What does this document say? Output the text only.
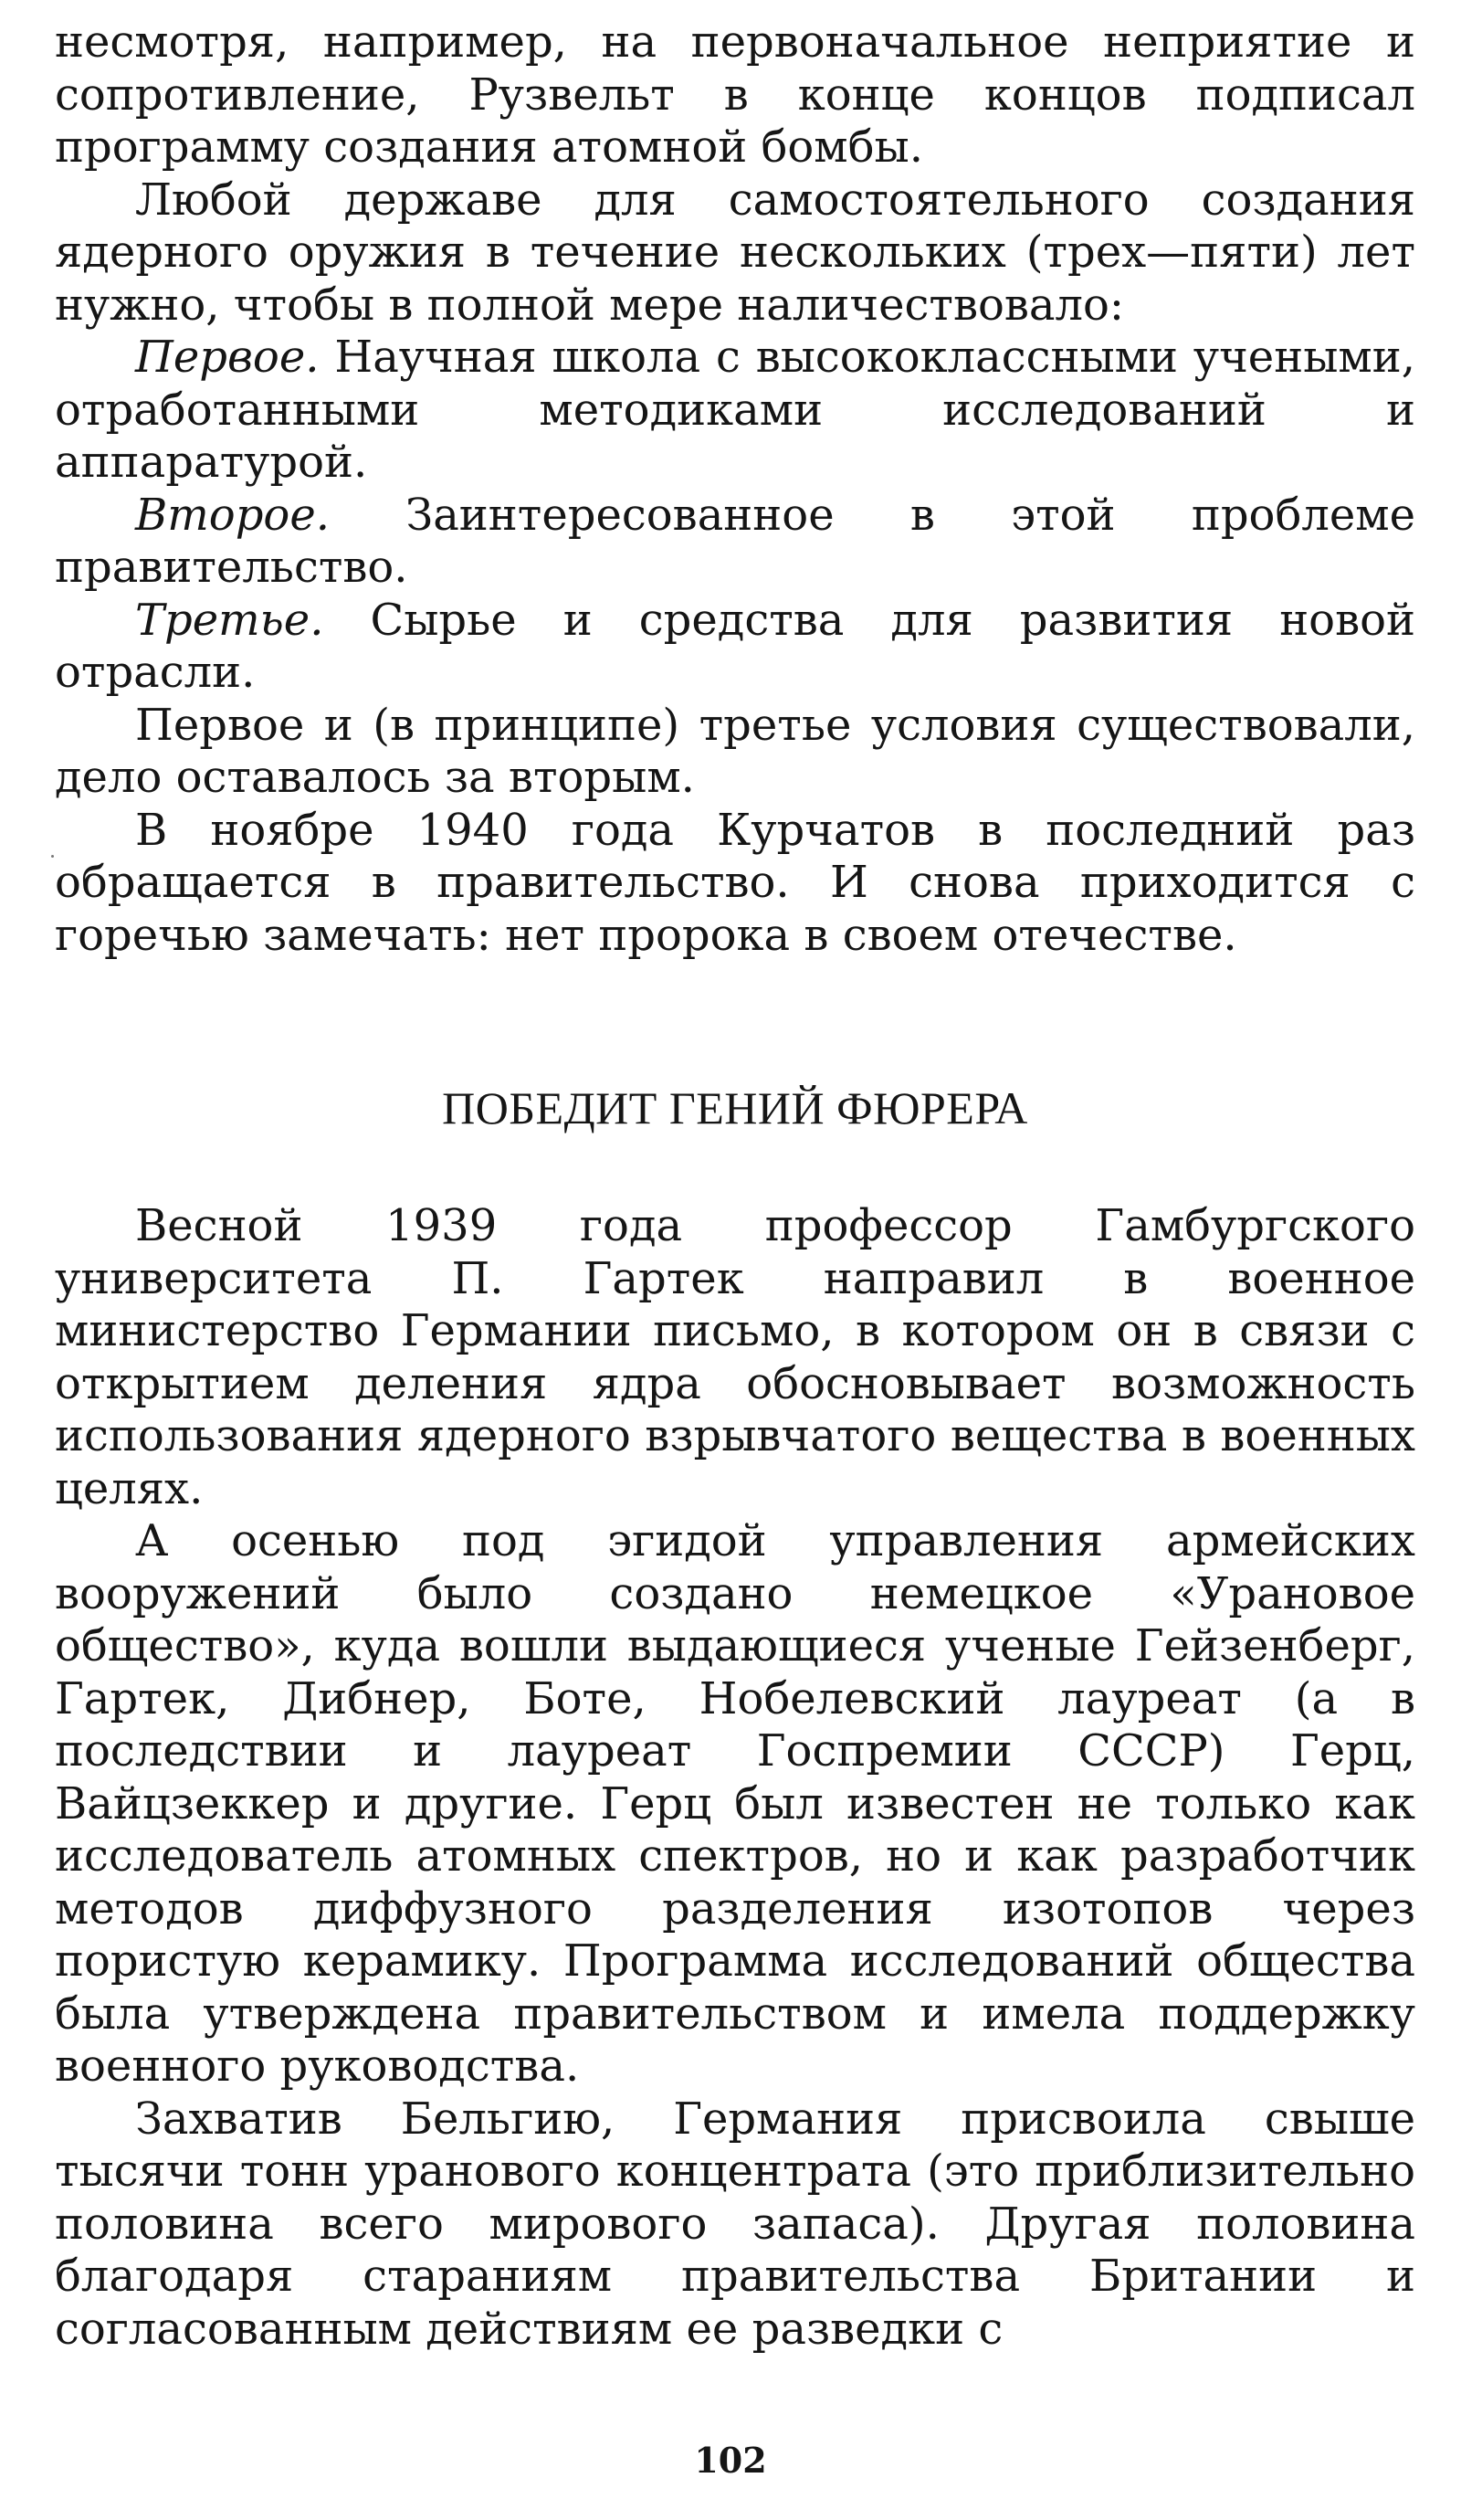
несмотря, например, на первоначальное неприятие и сопротивление, Рузвельт в конце концов подписал программу создания атомной бомбы.

Любой державе для самостоятельного создания ядерного оружия в течение нескольких (трех—пяти) лет нужно, чтобы в полной мере наличествовало:

Первое. Научная школа с высококлассными учеными, отработанными методиками исследований и аппаратурой.

Второе. Заинтересованное в этой проблеме правительство.

Третье. Сырье и средства для развития новой отрасли.

Первое и (в принципе) третье условия существовали, дело оставалось за вторым.

В ноябре 1940 года Курчатов в последний раз обращается в правительство. И снова приходится с горечью замечать: нет пророка в своем отечестве.

ПОБЕДИТ ГЕНИЙ ФЮРЕРА

Весной 1939 года профессор Гамбургского университета П. Гартек направил в военное министерство Германии письмо, в котором он в связи с открытием деления ядра обосновывает возможность использования ядерного взрывчатого вещества в военных целях.

А осенью под эгидой управления армейских вооружений было создано немецкое «Урановое общество», куда вошли выдающиеся ученые Гейзенберг, Гартек, Дибнер, Боте, Нобелевский лауреат (а в последствии и лауреат Госпремии СССР) Герц, Вайцзеккер и другие. Герц был известен не только как исследователь атомных спектров, но и как разработчик методов диффузного разделения изотопов через пористую керамику. Программа исследований общества была утверждена правительством и имела поддержку военного руководства.

Захватив Бельгию, Германия присвоила свыше тысячи тонн уранового концентрата (это приблизительно половина всего мирового запаса). Другая половина благодаря стараниям правительства Британии и согласованным действиям ее разведки с

102
